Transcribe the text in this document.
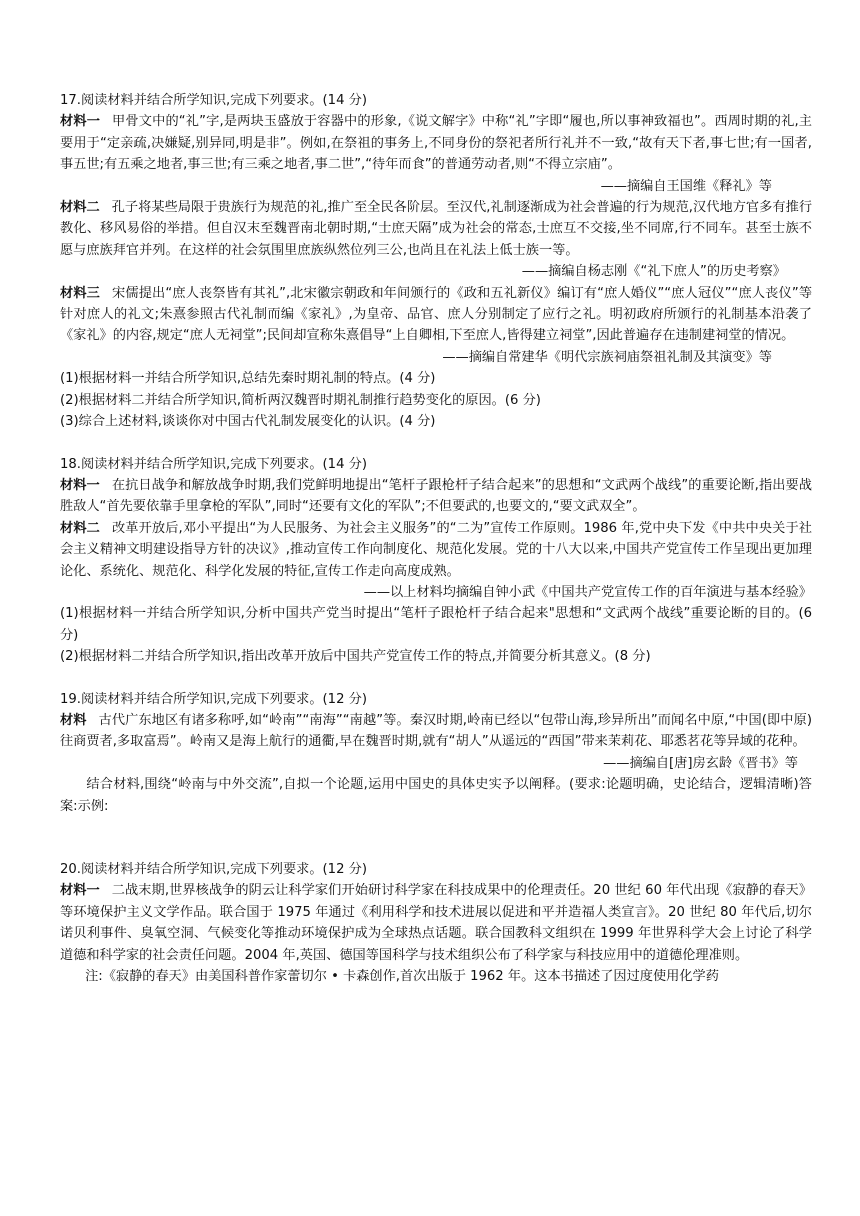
17.阅读材料并结合所学知识,完成下列要求。(14 分)

材料一 甲骨文中的“礼”字,是两块玉盛放于容器中的形象,《说文解字》中称“礼”字即“履也,所以事神致福也”。西周时期的礼,主要用于“定亲疏,决嫌疑,别异同,明是非”。例如,在祭祖的事务上,不同身份的祭祀者所行礼并不一致,“故有天下者,事七世;有一国者,事五世;有五乘之地者,事三世;有三乘之地者,事二世”,“待年而食”的普通劳动者,则“不得立宗庙”。

——摘编自王国维《释礼》等

材料二 孔子将某些局限于贵族行为规范的礼,推广至全民各阶层。至汉代,礼制逐渐成为社会普遍的行为规范,汉代地方官多有推行教化、移风易俗的举措。但自汉末至魏晋南北朝时期,“士庶天隔”成为社会的常态,士庶互不交接,坐不同席,行不同车。甚至士族不愿与庶族拜官并列。在这样的社会氛围里庶族纵然位列三公,也尚且在礼法上低士族一等。

——摘编自杨志刚《“礼下庶人”的历史考察》

材料三 宋儒提出“庶人丧祭皆有其礼”,北宋徽宗朝政和年间颁行的《政和五礼新仪》编订有“庶人婚仪”“庶人冠仪”“庶人丧仪”等针对庶人的礼文;朱熹参照古代礼制而编《家礼》,为皇帝、品官、庶人分别制定了应行之礼。明初政府所颁行的礼制基本沿袭了《家礼》的内容,规定“庶人无祠堂”;民间却宣称朱熹倡导“上自卿相,下至庶人,皆得建立祠堂”,因此普遍存在违制建祠堂的情况。

——摘编自常建华《明代宗族祠庙祭祖礼制及其演变》等

(1)根据材料一并结合所学知识,总结先秦时期礼制的特点。(4 分)

(2)根据材料二并结合所学知识,简析两汉魏晋时期礼制推行趋势变化的原因。(6 分)

(3)综合上述材料,谈谈你对中国古代礼制发展变化的认识。(4 分)

18.阅读材料并结合所学知识,完成下列要求。(14 分)

材料一 在抗日战争和解放战争时期,我们党鲜明地提出“笔杆子跟枪杆子结合起来”的思想和“文武两个战线”的重要论断,指出要战胜敌人“首先要依靠手里拿枪的军队”,同时“还要有文化的军队”;不但要武的,也要文的,“要文武双全”。

材料二 改革开放后,邓小平提出“为人民服务、为社会主义服务”的“二为”宣传工作原则。1986 年,党中央下发《中共中央关于社会主义精神文明建设指导方针的决议》,推动宣传工作向制度化、规范化发展。党的十八大以来,中国共产党宣传工作呈现出更加理论化、系统化、规范化、科学化发展的特征,宣传工作走向高度成熟。

——以上材料均摘编自钟小武《中国共产党宣传工作的百年演进与基本经验》

(1)根据材料一并结合所学知识,分析中国共产党当时提出“笔杆子跟枪杆子结合起来"思想和“文武两个战线”重要论断的目的。(6 分)

(2)根据材料二并结合所学知识,指出改革开放后中国共产党宣传工作的特点,并简要分析其意义。(8 分)

19.阅读材料并结合所学知识,完成下列要求。(12 分)

材料 古代广东地区有诸多称呼,如“岭南”“南海”“南越”等。秦汉时期,岭南已经以“包带山海,珍异所出”而闻名中原,“中国(即中原)往商贾者,多取富焉”。岭南又是海上航行的通衢,早在魏晋时期,就有“胡人”从遥远的“西国”带来茉莉花、耶悉茗花等异域的花种。

——摘编自[唐]房玄龄《晋书》等

结合材料,围绕“岭南与中外交流”,自拟一个论题,运用中国史的具体史实予以阐释。(要求:论题明确，史论结合，逻辑清晰)答案:示例:

20.阅读材料并结合所学知识,完成下列要求。(12 分)

材料一 二战末期,世界核战争的阴云让科学家们开始研讨科学家在科技成果中的伦理责任。20 世纪 60 年代出现《寂静的春天》等环境保护主义文学作品。联合国于 1975 年通过《利用科学和技术进展以促进和平并造福人类宣言》。20 世纪 80 年代后,切尔诺贝利事件、臭氧空洞、气候变化等推动环境保护成为全球热点话题。联合国教科文组织在 1999 年世界科学大会上讨论了科学道德和科学家的社会责任问题。2004 年,英国、德国等国科学与技术组织公布了科学家与科技应用中的道德伦理准则。

注:《寂静的春天》由美国科普作家蕾切尔 • 卡森创作,首次出版于 1962 年。这本书描述了因过度使用化学药
